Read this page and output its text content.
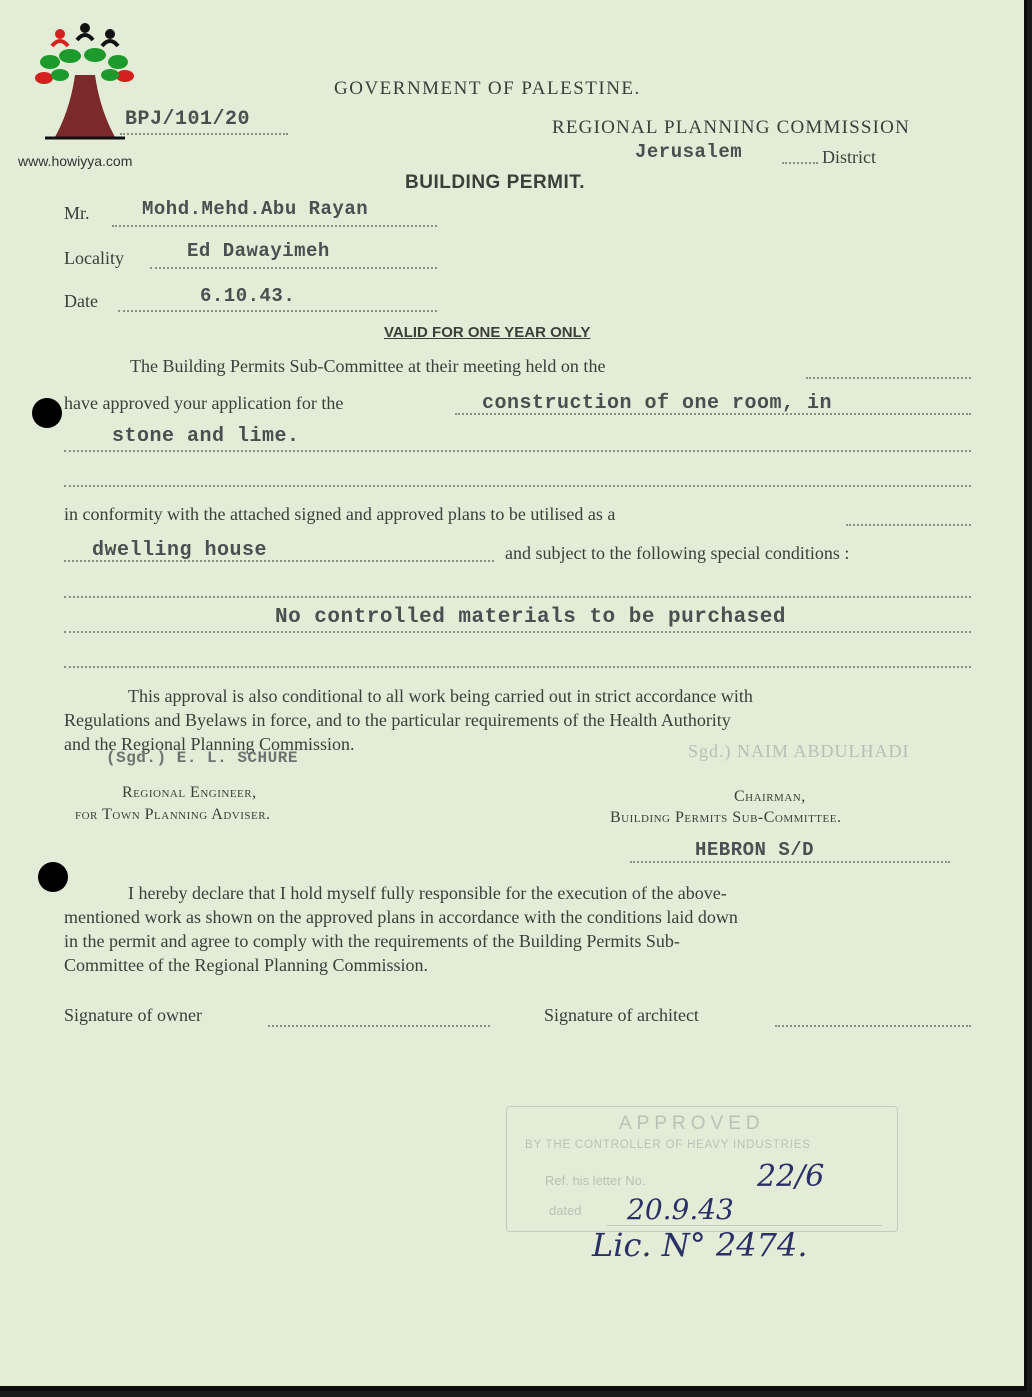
www.howiyya.com
GOVERNMENT OF PALESTINE.
BPJ/101/20	REGIONAL PLANNING COMMISSION
Jerusalem	District
BUILDING PERMIT.
Mr.	Mohd.Mehd.Abu Rayan
Locality	Ed Dawayimeh
Date	6.10.43.
VALID FOR ONE YEAR ONLY
The Building Permits Sub-Committee at their meeting held on the
have approved your application for the	construction of one room, in
stone and lime.
in conformity with the attached signed and approved plans to be utilised as a
dwelling house	and subject to the following special conditions :
No controlled materials to be purchased
This approval is also conditional to all work being carried out in strict accordance with
Regulations and Byelaws in force, and to the particular requirements of the Health Authority
and the Regional Planning Commission.
(Sgd.) E. L. SCHURE	Sgd.) NAIM ABDULHADI
Regional Engineer,
for Town Planning Adviser.
Chairman,
Building Permits Sub-Committee.
HEBRON S/D
I hereby declare that I hold myself fully responsible for the execution of the above-
mentioned work as shown on the approved plans in accordance with the conditions laid down
in the permit and agree to comply with the requirements of the Building Permits Sub-
Committee of the Regional Planning Commission.
Signature of owner	Signature of architect
APPROVED
BY THE CONTROLLER OF HEAVY INDUSTRIES
Ref. his letter No.	22/6
dated 20.9.43
Lic. N° 2474.
